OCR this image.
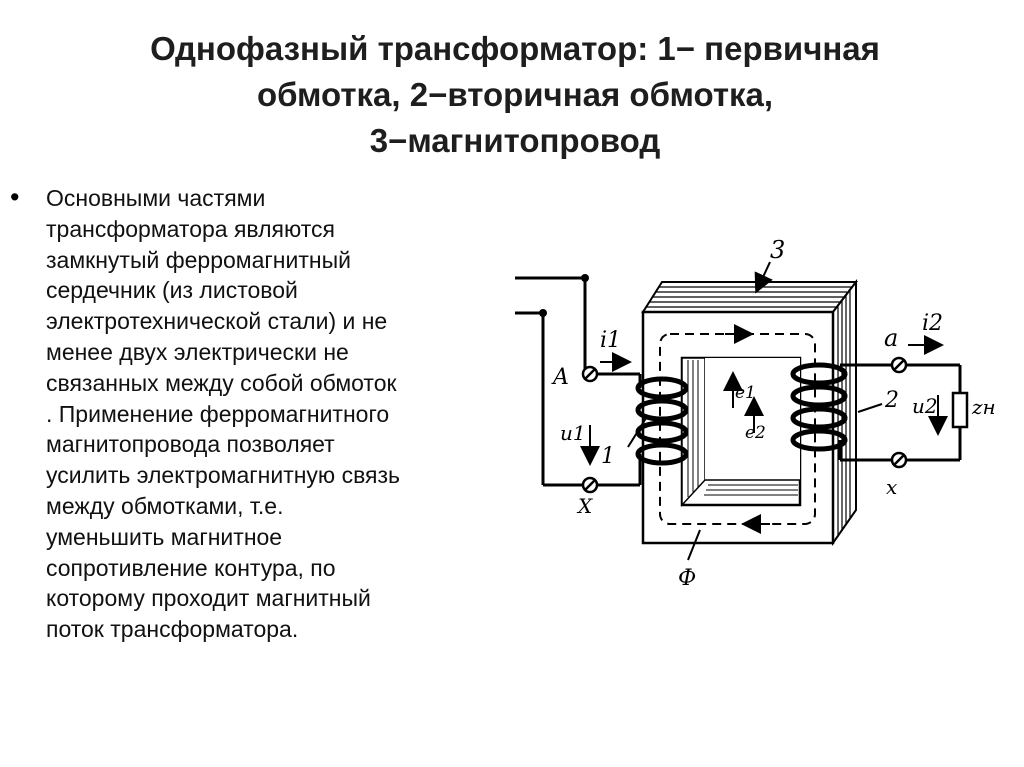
Однофазный трансформатор: 1− первичная
обмотка, 2−вторичная обмотка,
3−магнитопровод
• Основными частями
трансформатора являются
замкнутый ферромагнитный
сердечник (из листовой
электротехнической стали) и не
менее двух электрически не
связанных между собой обмоток
. Применение ферромагнитного
магнитопровода позволяет
усилить электромагнитную связь
между обмотками, т.е.
уменьшить магнитное
сопротивление контура, по
которому проходит магнитный
поток трансформатора.
3
A
X
a
x
i1
i2
u1
u2
e1
e2
1
2	zн
Ф
